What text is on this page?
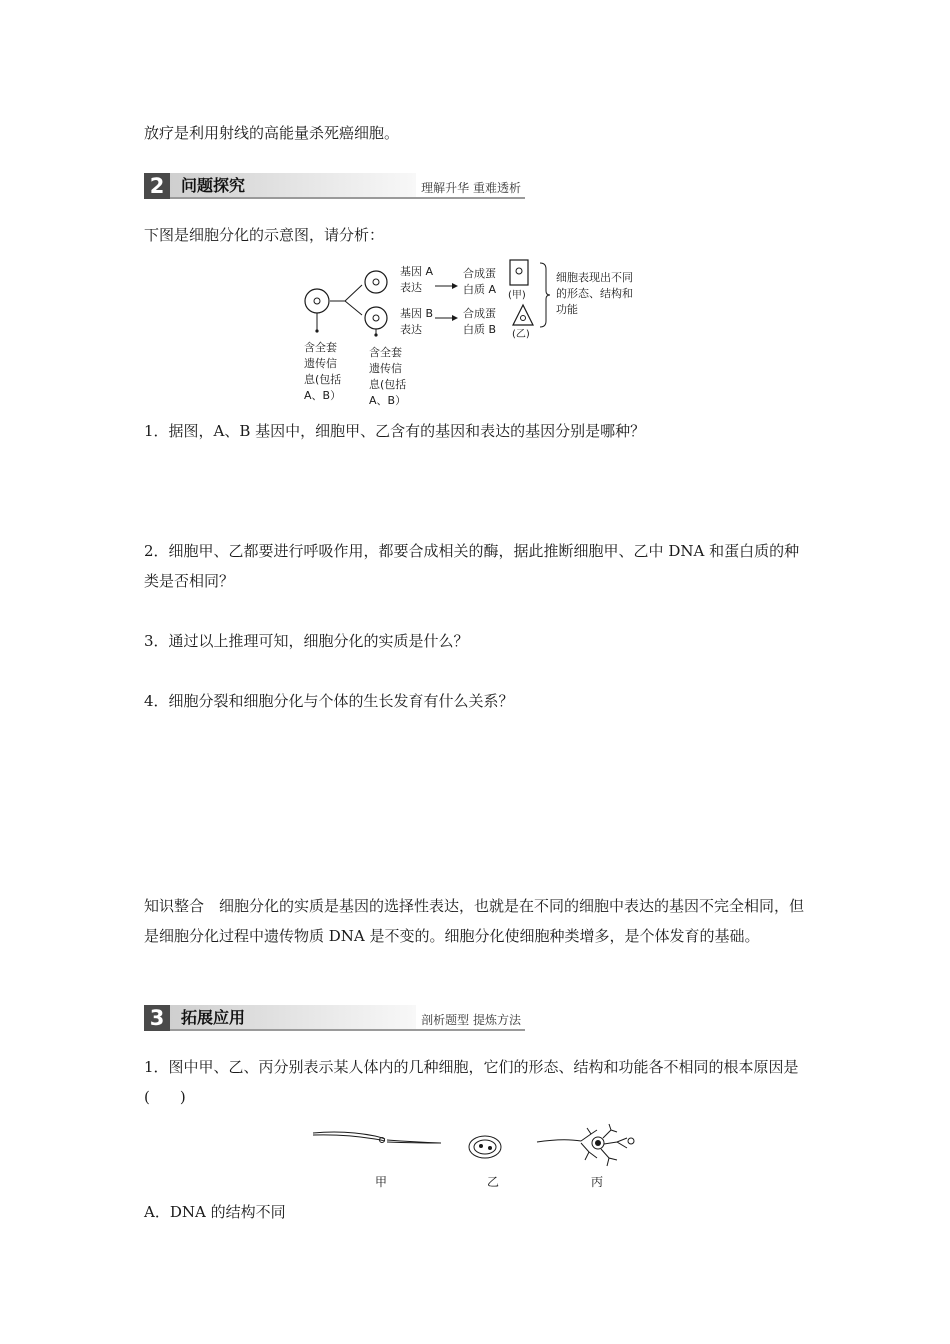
放疗是利用射线的高能量杀死癌细胞。

2	问题探究	理解升华 重难透析

下图是细胞分化的示意图，请分析：

基因 A
表达
基因 B
表达
合成蛋
白质 A
合成蛋
白质 B
(甲)
(乙)
细胞表现出不同
的形态、结构和
功能
含全套
遗传信
息(包括
A、B）
含全套
遗传信
息(包括
A、B）

1．据图，A、B 基因中，细胞甲、乙含有的基因和表达的基因分别是哪种？

2．细胞甲、乙都要进行呼吸作用，都要合成相关的酶，据此推断细胞甲、乙中 DNA 和蛋白质的种类是否相同？

3．通过以上推理可知，细胞分化的实质是什么？

4．细胞分裂和细胞分化与个体的生长发育有什么关系？

知识整合　细胞分化的实质是基因的选择性表达，也就是在不同的细胞中表达的基因不完全相同，但是细胞分化过程中遗传物质 DNA 是不变的。细胞分化使细胞种类增多，是个体发育的基础。

3	拓展应用	剖析题型 提炼方法

1．图中甲、乙、丙分别表示某人体内的几种细胞，它们的形态、结构和功能各不相同的根本原因是(　　)

甲	乙	丙

A．DNA 的结构不同
